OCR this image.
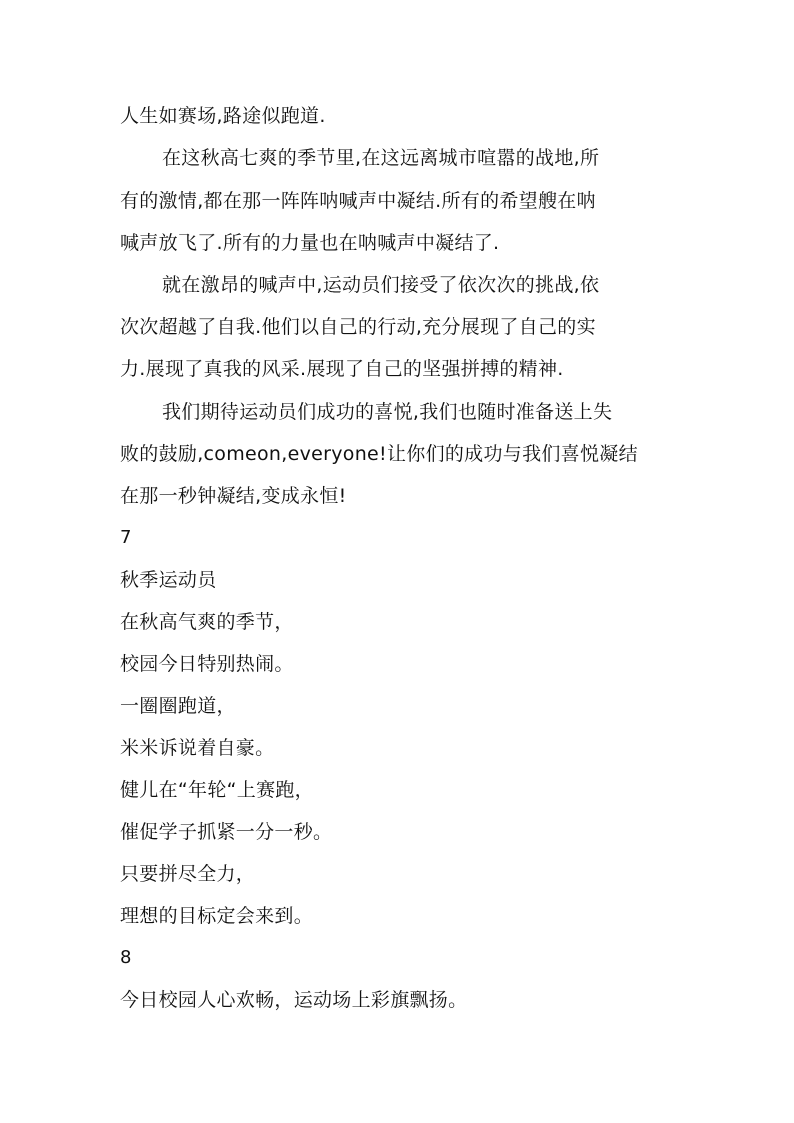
人生如赛场,路途似跑道.
在这秋高七爽的季节里,在这远离城市喧嚣的战地,所
有的激情,都在那一阵阵呐喊声中凝结.所有的希望艘在呐
喊声放飞了.所有的力量也在呐喊声中凝结了.
就在激昂的喊声中,运动员们接受了依次次的挑战,依
次次超越了自我.他们以自己的行动,充分展现了自己的实
力.展现了真我的风采.展现了自己的坚强拼搏的精神.
我们期待运动员们成功的喜悦,我们也随时准备送上失
败的鼓励,comeon,everyone!让你们的成功与我们喜悦凝结
在那一秒钟凝结,变成永恒!
7
秋季运动员
在秋高气爽的季节，
校园今日特别热闹。
一圈圈跑道，
米米诉说着自豪。
健儿在“年轮“上赛跑，
催促学子抓紧一分一秒。
只要拼尽全力，
理想的目标定会来到。
8
今日校园人心欢畅，运动场上彩旗飘扬。
